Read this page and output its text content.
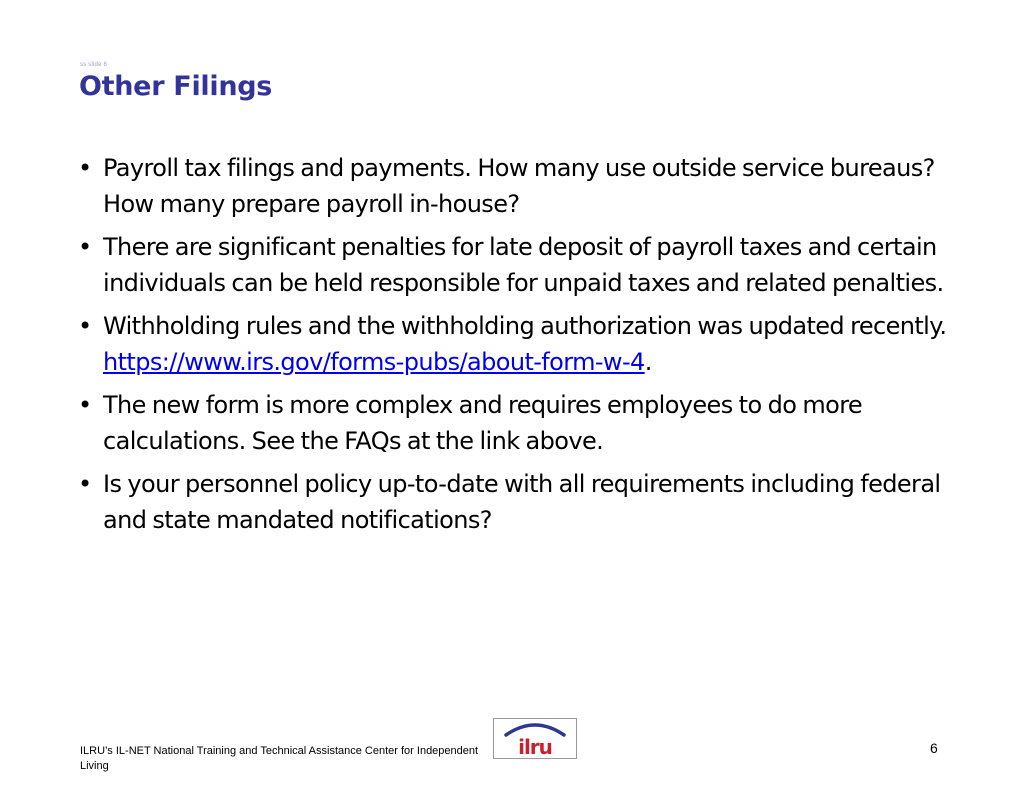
ss slide 6
Other Filings
• Payroll tax filings and payments. How many use outside service bureaus? How many prepare payroll in-house?
• There are significant penalties for late deposit of payroll taxes and certain individuals can be held responsible for unpaid taxes and related penalties.
• Withholding rules and the withholding authorization was updated recently. https://www.irs.gov/forms-pubs/about-form-w-4.
• The new form is more complex and requires employees to do more calculations. See the FAQs at the link above.
• Is your personnel policy up-to-date with all requirements including federal and state mandated notifications?
ILRU’s IL-NET National Training and Technical Assistance Center for Independent Living
ilru	6
